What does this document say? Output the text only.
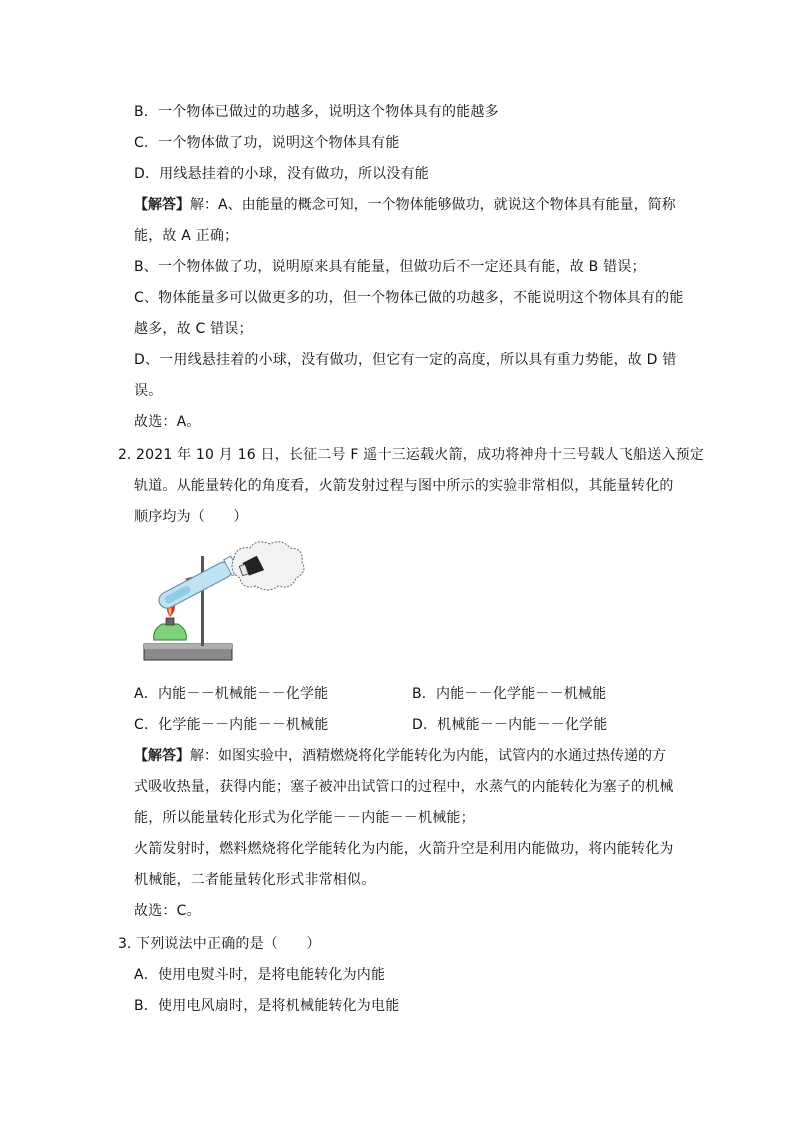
B．一个物体已做过的功越多，说明这个物体具有的能越多
C．一个物体做了功，说明这个物体具有能
D．用线悬挂着的小球，没有做功，所以没有能
【解答】解：A、由能量的概念可知，一个物体能够做功，就说这个物体具有能量，简称
能，故 A 正确；
B、一个物体做了功，说明原来具有能量，但做功后不一定还具有能，故 B 错误；
C、物体能量多可以做更多的功，但一个物体已做的功越多，不能说明这个物体具有的能
越多，故 C 错误；
D、一用线悬挂着的小球，没有做功，但它有一定的高度，所以具有重力势能，故 D 错
误。
故选：A。
2．
2021 年 10 月 16 日，长征二号 F 遥十三运载火箭，成功将神舟十三号载人飞船送入预定
轨道。从能量转化的角度看，火箭发射过程与图中所示的实验非常相似，其能量转化的
顺序均为（　　）
A．内能－－机械能－－化学能	B．内能－－化学能－－机械能
C．化学能－－内能－－机械能	D．机械能－－内能－－化学能
【解答】解：如图实验中，酒精燃烧将化学能转化为内能，试管内的水通过热传递的方
式吸收热量，获得内能；塞子被冲出试管口的过程中，水蒸气的内能转化为塞子的机械
能，所以能量转化形式为化学能－－内能－－机械能；
火箭发射时，燃料燃烧将化学能转化为内能，火箭升空是利用内能做功，将内能转化为
机械能，二者能量转化形式非常相似。
故选：C。
3．
下列说法中正确的是（　　）
A．使用电熨斗时，是将电能转化为内能
B．使用电风扇时，是将机械能转化为电能
